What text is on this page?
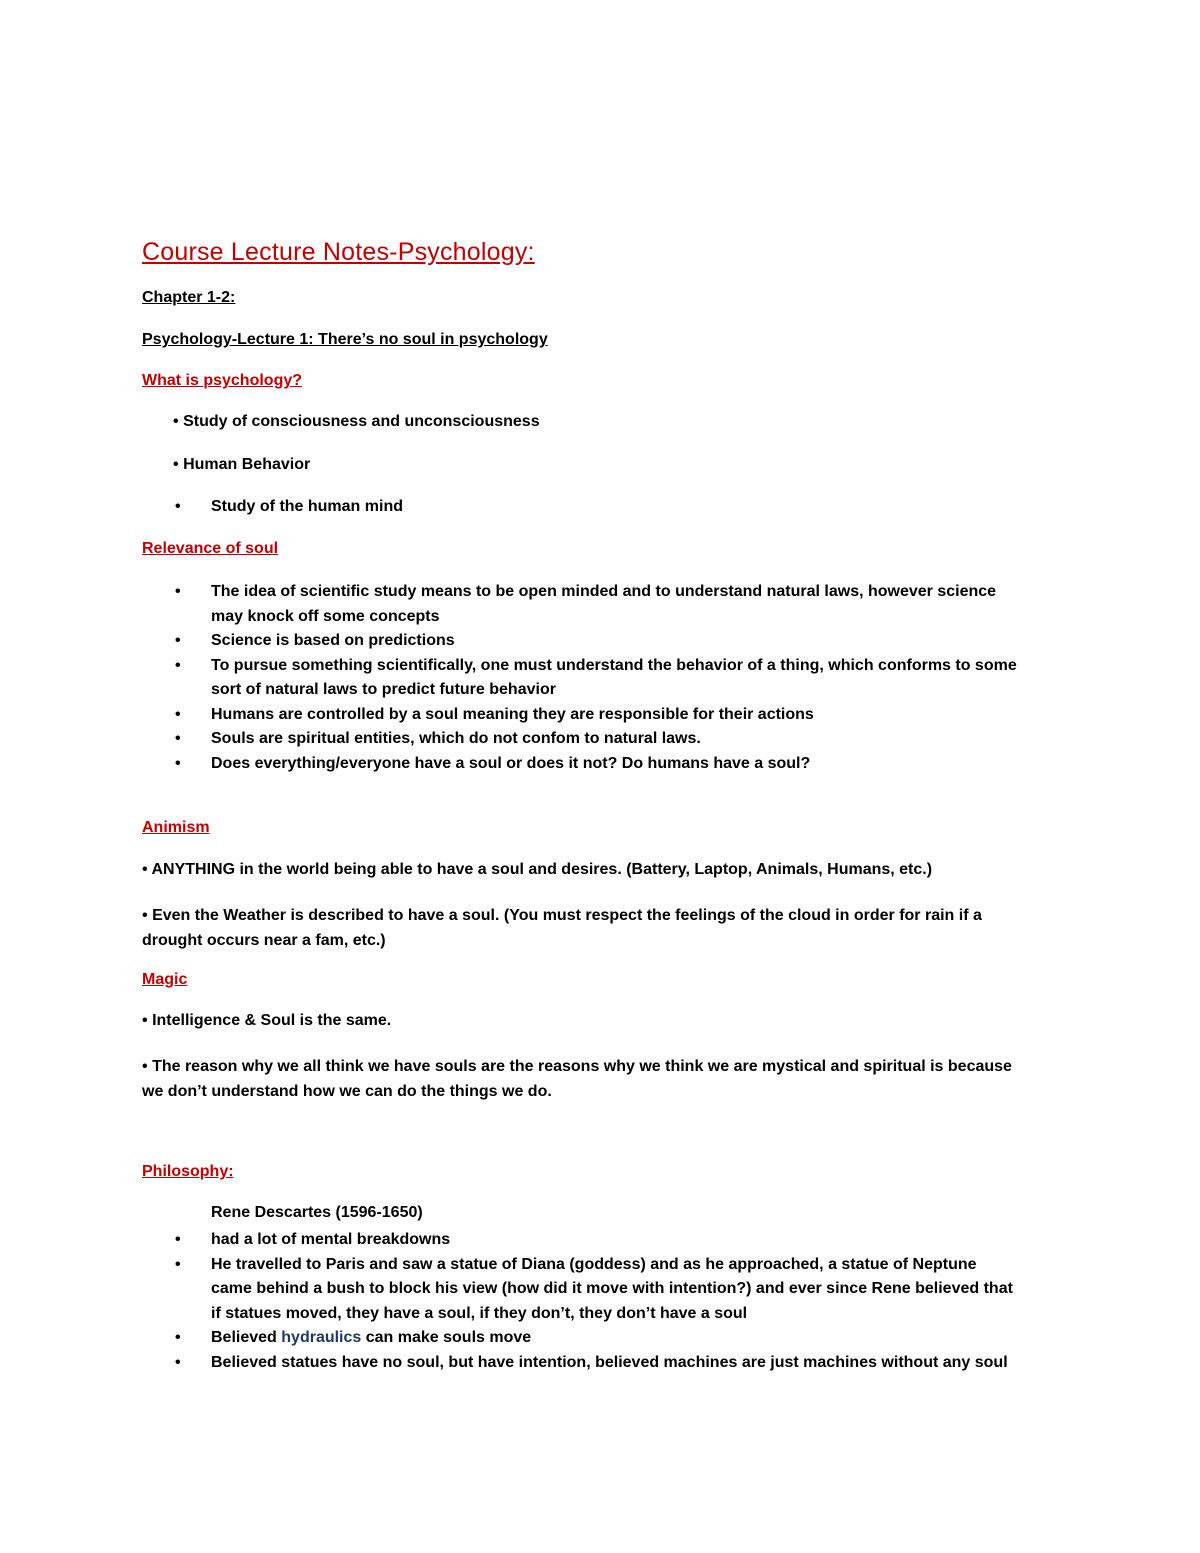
Course Lecture Notes-Psychology:
Chapter 1-2:
Psychology-Lecture 1: There’s no soul in psychology
What is psychology?
• Study of consciousness and unconsciousness
• Human Behavior
• Study of the human mind
Relevance of soul
• The idea of scientific study means to be open minded and to understand natural laws, however science
may knock off some concepts
• Science is based on predictions
• To pursue something scientifically, one must understand the behavior of a thing, which conforms to some
sort of natural laws to predict future behavior
• Humans are controlled by a soul meaning they are responsible for their actions
• Souls are spiritual entities, which do not confom to natural laws.
• Does everything/everyone have a soul or does it not? Do humans have a soul?
Animism
• ANYTHING in the world being able to have a soul and desires. (Battery, Laptop, Animals, Humans, etc.)
• Even the Weather is described to have a soul. (You must respect the feelings of the cloud in order for rain if a
drought occurs near a fam, etc.)
Magic
• Intelligence & Soul is the same.
• The reason why we all think we have souls are the reasons why we think we are mystical and spiritual is because
we don’t understand how we can do the things we do.
Philosophy:
Rene Descartes (1596-1650)
• had a lot of mental breakdowns
• He travelled to Paris and saw a statue of Diana (goddess) and as he approached, a statue of Neptune
came behind a bush to block his view (how did it move with intention?) and ever since Rene believed that
if statues moved, they have a soul, if they don’t, they don’t have a soul
• Believed hydraulics can make souls move
• Believed statues have no soul, but have intention, believed machines are just machines without any soul
